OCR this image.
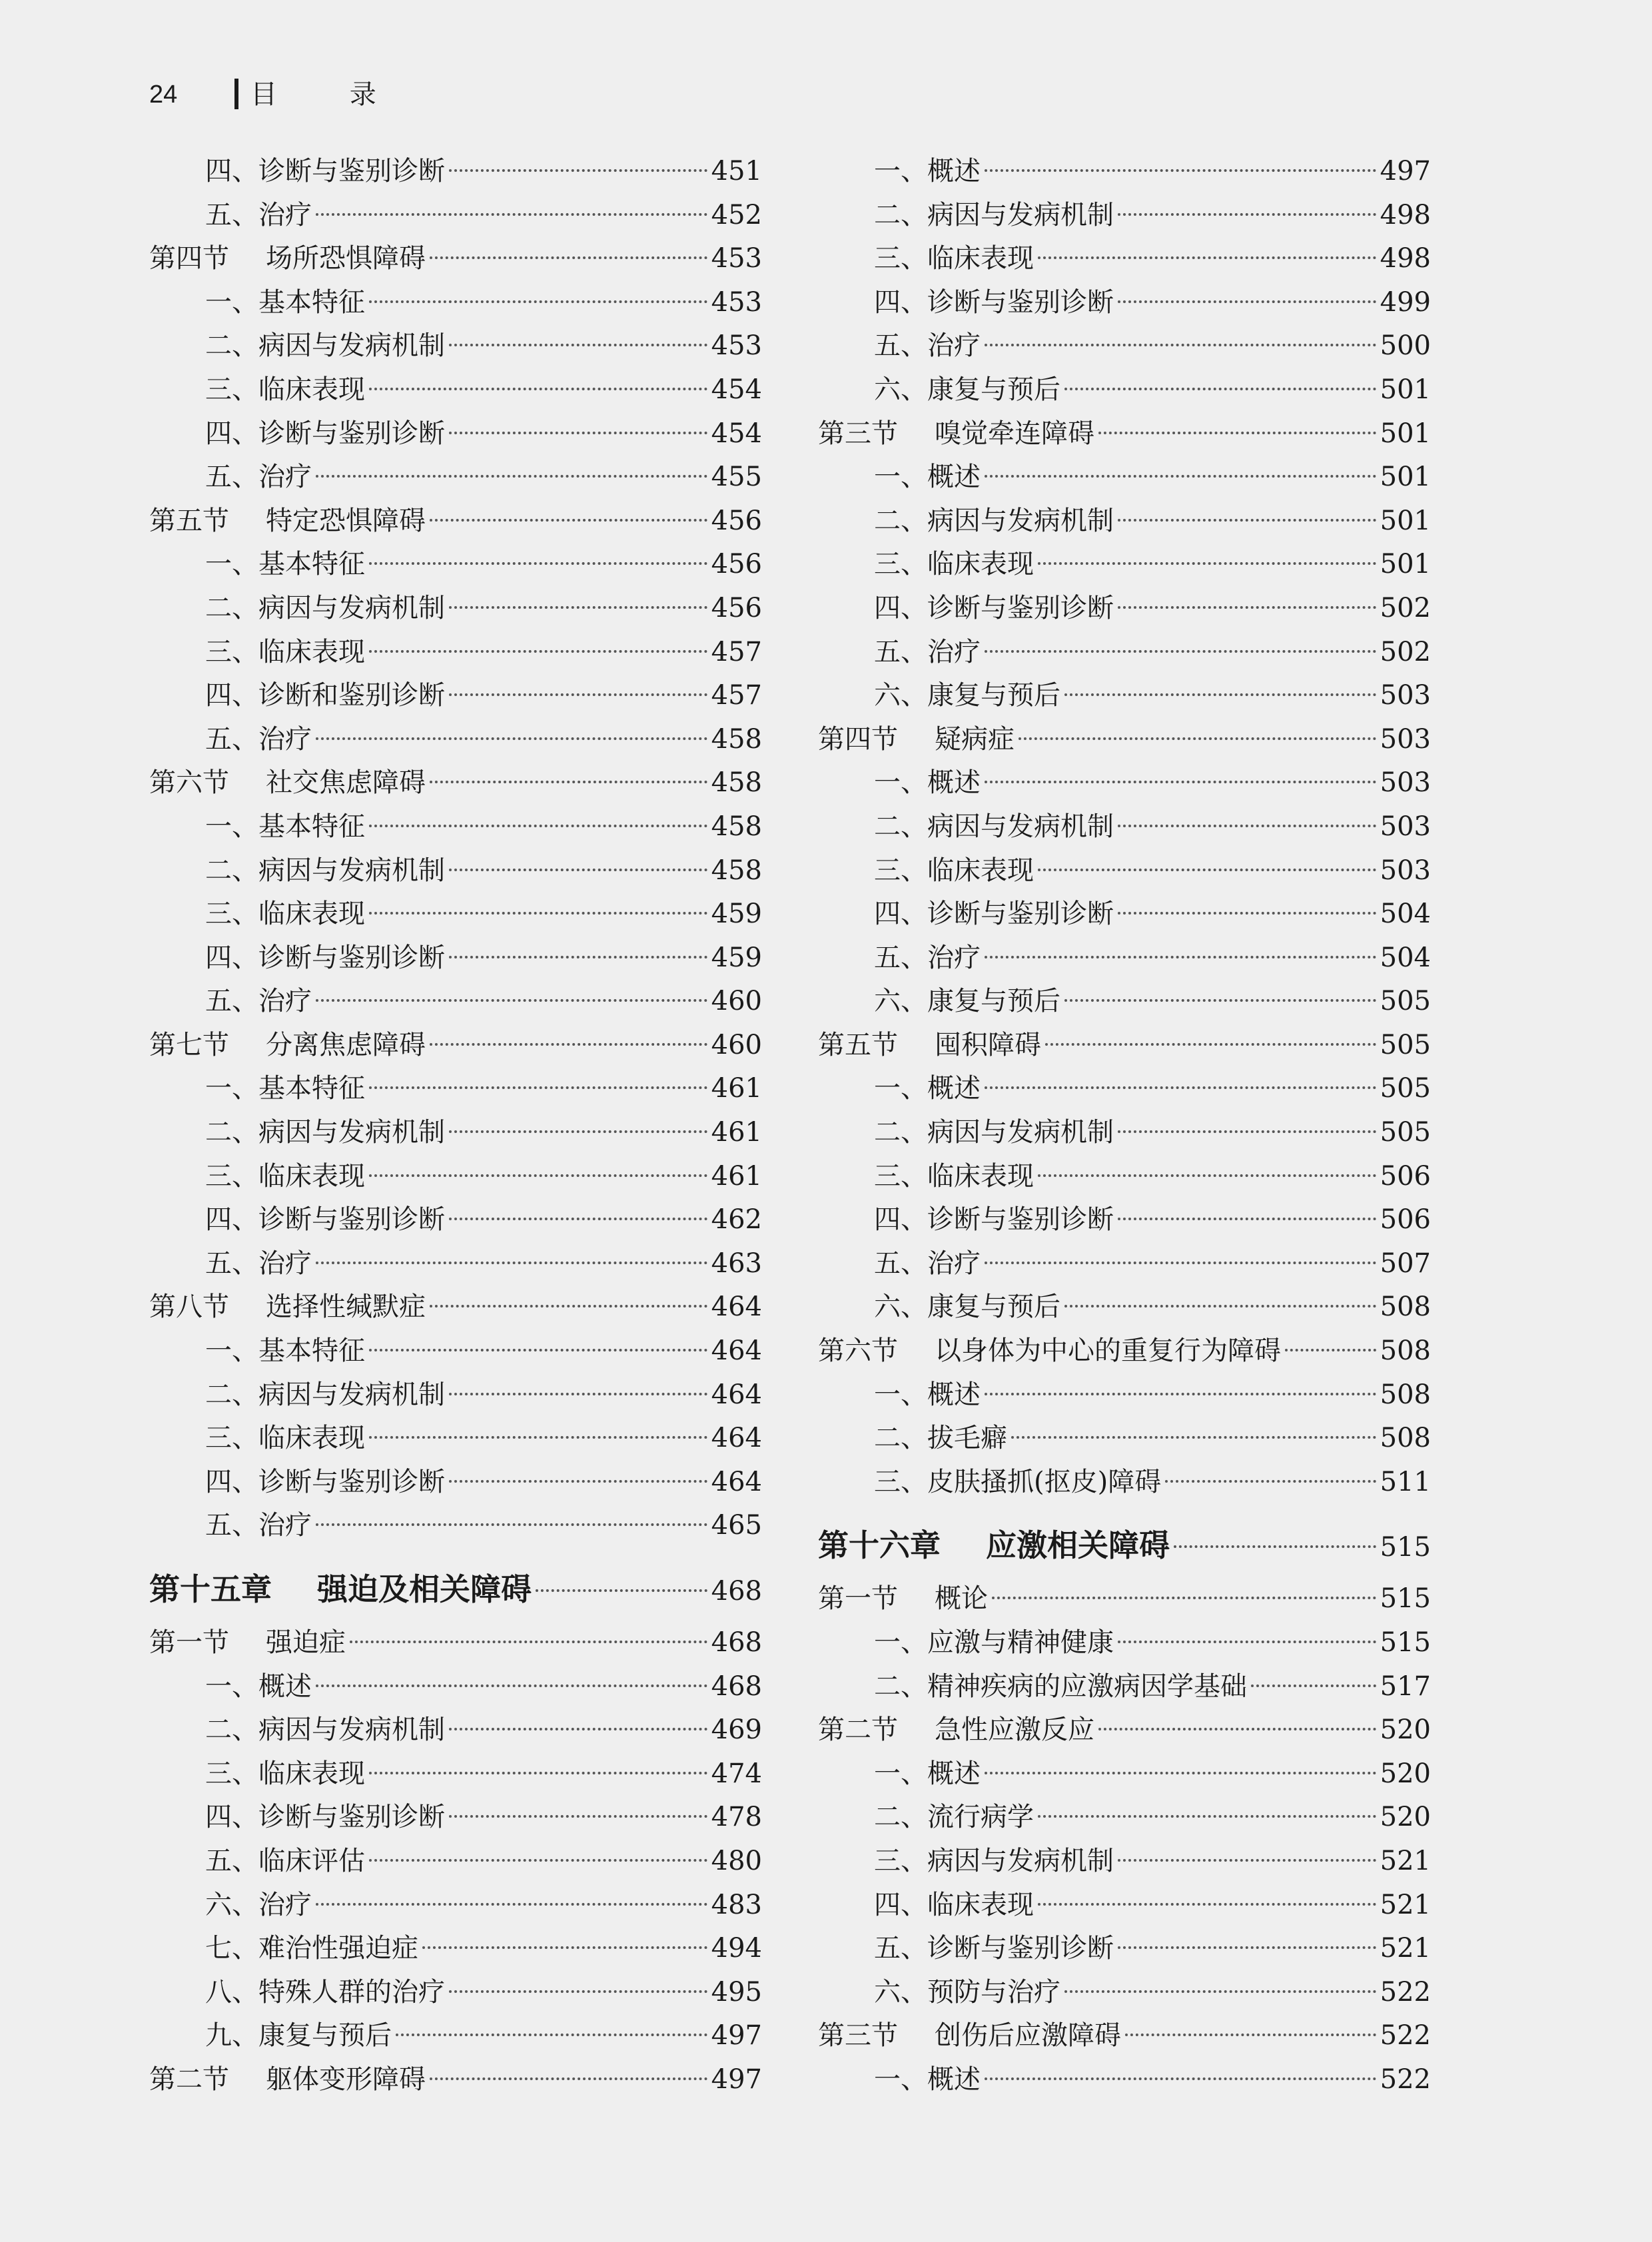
24	目 录
四、诊断与鉴别诊断	451
五、治疗	452
第四节 场所恐惧障碍	453
一、基本特征	453
二、病因与发病机制	453
三、临床表现	454
四、诊断与鉴别诊断	454
五、治疗	455
第五节 特定恐惧障碍	456
一、基本特征	456
二、病因与发病机制	456
三、临床表现	457
四、诊断和鉴别诊断	457
五、治疗	458
第六节 社交焦虑障碍	458
一、基本特征	458
二、病因与发病机制	458
三、临床表现	459
四、诊断与鉴别诊断	459
五、治疗	460
第七节 分离焦虑障碍	460
一、基本特征	461
二、病因与发病机制	461
三、临床表现	461
四、诊断与鉴别诊断	462
五、治疗	463
第八节 选择性缄默症	464
一、基本特征	464
二、病因与发病机制	464
三、临床表现	464
四、诊断与鉴别诊断	464
五、治疗	465
第十五章 强迫及相关障碍	468
第一节 强迫症	468
一、概述	468
二、病因与发病机制	469
三、临床表现	474
四、诊断与鉴别诊断	478
五、临床评估	480
六、治疗	483
七、难治性强迫症	494
八、特殊人群的治疗	495
九、康复与预后	497
第二节 躯体变形障碍	497
一、概述	497
二、病因与发病机制	498
三、临床表现	498
四、诊断与鉴别诊断	499
五、治疗	500
六、康复与预后	501
第三节 嗅觉牵连障碍	501
一、概述	501
二、病因与发病机制	501
三、临床表现	501
四、诊断与鉴别诊断	502
五、治疗	502
六、康复与预后	503
第四节 疑病症	503
一、概述	503
二、病因与发病机制	503
三、临床表现	503
四、诊断与鉴别诊断	504
五、治疗	504
六、康复与预后	505
第五节 囤积障碍	505
一、概述	505
二、病因与发病机制	505
三、临床表现	506
四、诊断与鉴别诊断	506
五、治疗	507
六、康复与预后	508
第六节 以身体为中心的重复行为障碍	508
一、概述	508
二、拔毛癖	508
三、皮肤搔抓(抠皮)障碍	511
第十六章 应激相关障碍	515
第一节 概论	515
一、应激与精神健康	515
二、精神疾病的应激病因学基础	517
第二节 急性应激反应	520
一、概述	520
二、流行病学	520
三、病因与发病机制	521
四、临床表现	521
五、诊断与鉴别诊断	521
六、预防与治疗	522
第三节 创伤后应激障碍	522
一、概述	522
